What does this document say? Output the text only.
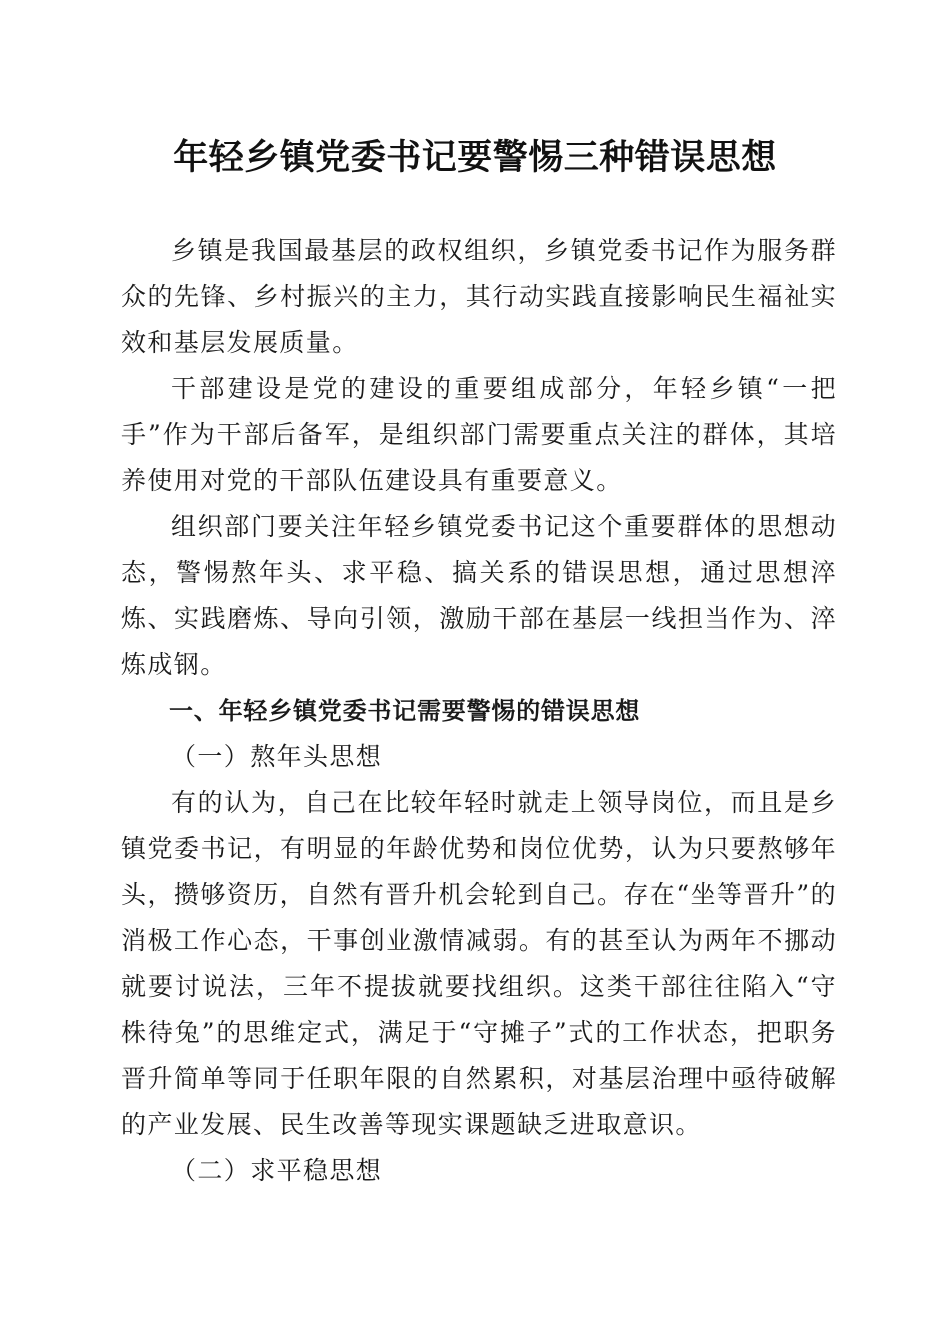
年轻乡镇党委书记要警惕三种错误思想

乡镇是我国最基层的政权组织，乡镇党委书记作为服务群众的先锋、乡村振兴的主力，其行动实践直接影响民生福祉实效和基层发展质量。

干部建设是党的建设的重要组成部分，年轻乡镇“一把手”作为干部后备军，是组织部门需要重点关注的群体，其培养使用对党的干部队伍建设具有重要意义。

组织部门要关注年轻乡镇党委书记这个重要群体的思想动态，警惕熬年头、求平稳、搞关系的错误思想，通过思想淬炼、实践磨炼、导向引领，激励干部在基层一线担当作为、淬炼成钢。

一、年轻乡镇党委书记需要警惕的错误思想

（一）熬年头思想

有的认为，自己在比较年轻时就走上领导岗位，而且是乡镇党委书记，有明显的年龄优势和岗位优势，认为只要熬够年头，攒够资历，自然有晋升机会轮到自己。存在“坐等晋升”的消极工作心态，干事创业激情减弱。有的甚至认为两年不挪动就要讨说法，三年不提拔就要找组织。这类干部往往陷入“守株待兔”的思维定式，满足于“守摊子”式的工作状态，把职务晋升简单等同于任职年限的自然累积，对基层治理中亟待破解的产业发展、民生改善等现实课题缺乏进取意识。

（二）求平稳思想
